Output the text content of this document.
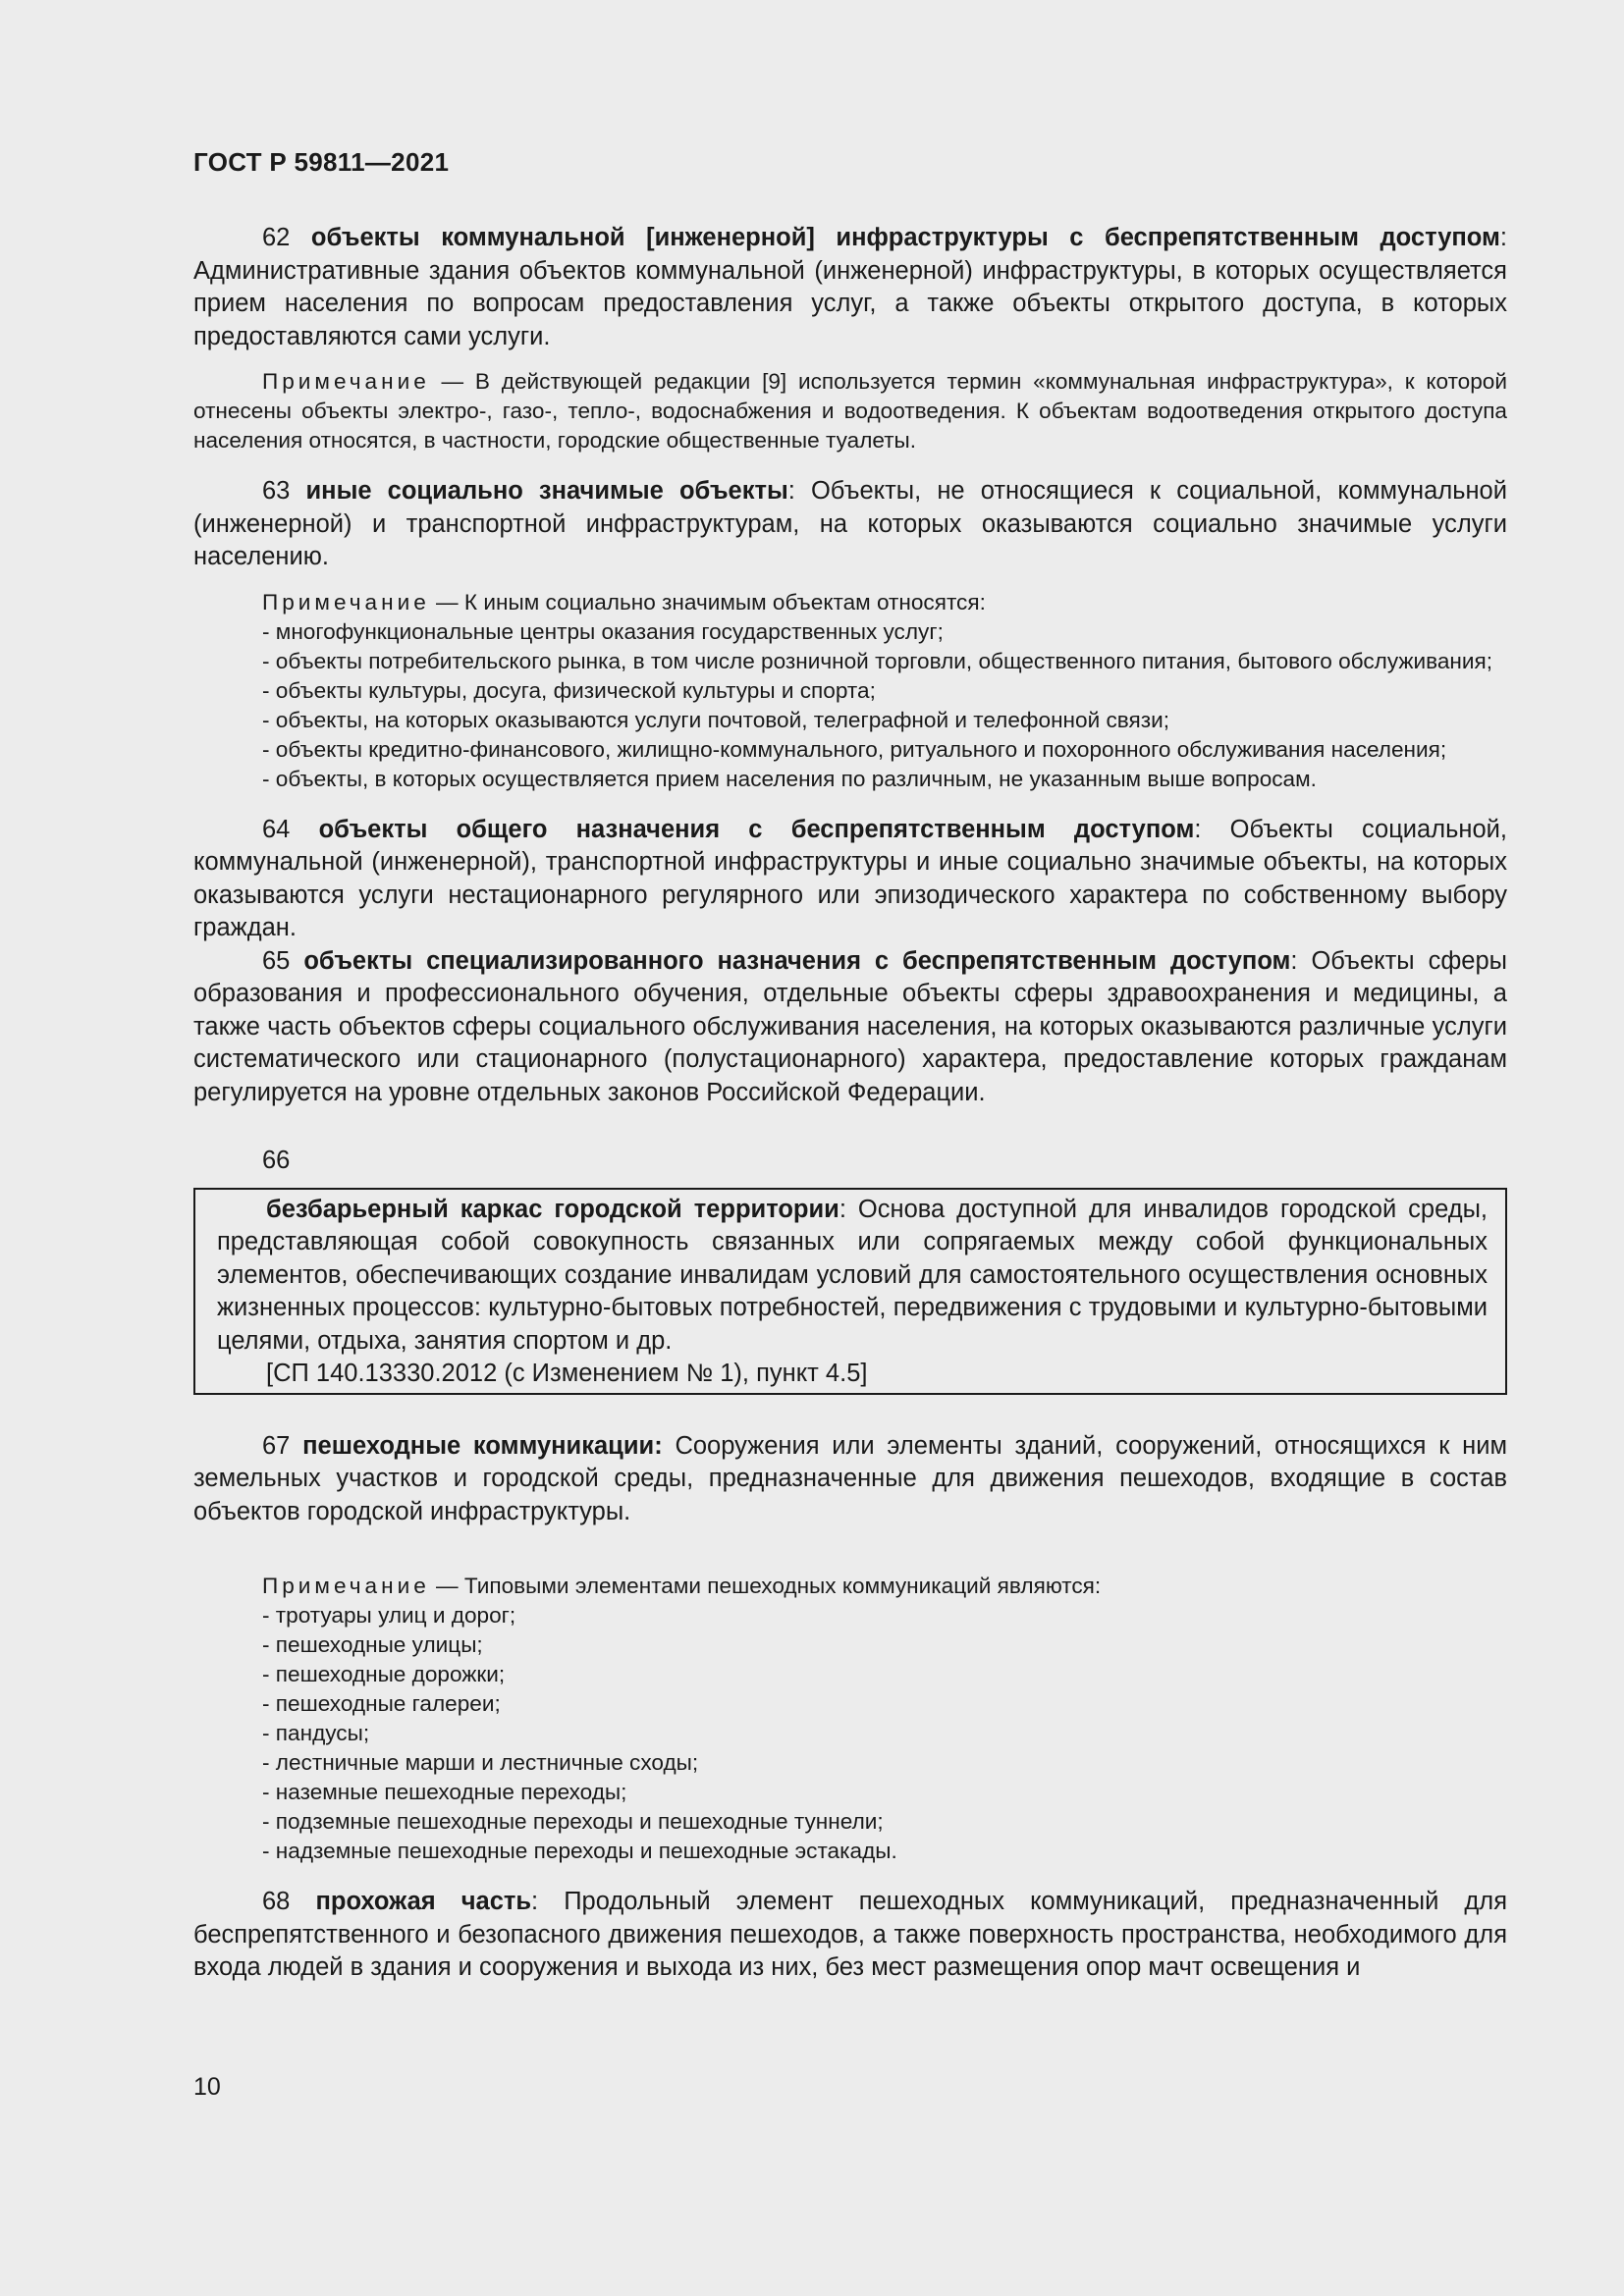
ГОСТ Р 59811—2021

62 объекты коммунальной [инженерной] инфраструктуры с беспрепятственным доступом: Административные здания объектов коммунальной (инженерной) инфраструктуры, в которых осуществляется прием населения по вопросам предоставления услуг, а также объекты открытого доступа, в которых предоставляются сами услуги.

Примечание — В действующей редакции [9] используется термин «коммунальная инфраструктура», к которой отнесены объекты электро-, газо-, тепло-, водоснабжения и водоотведения. К объектам водоотведения открытого доступа населения относятся, в частности, городские общественные туалеты.

63 иные социально значимые объекты: Объекты, не относящиеся к социальной, коммунальной (инженерной) и транспортной инфраструктурам, на которых оказываются социально значимые услуги населению.

Примечание — К иным социально значимым объектам относятся:
- многофункциональные центры оказания государственных услуг;
- объекты потребительского рынка, в том числе розничной торговли, общественного питания, бытового обслуживания;
- объекты культуры, досуга, физической культуры и спорта;
- объекты, на которых оказываются услуги почтовой, телеграфной и телефонной связи;
- объекты кредитно-финансового, жилищно-коммунального, ритуального и похоронного обслуживания населения;
- объекты, в которых осуществляется прием населения по различным, не указанным выше вопросам.

64 объекты общего назначения с беспрепятственным доступом: Объекты социальной, коммунальной (инженерной), транспортной инфраструктуры и иные социально значимые объекты, на которых оказываются услуги нестационарного регулярного или эпизодического характера по собственному выбору граждан.

65 объекты специализированного назначения с беспрепятственным доступом: Объекты сферы образования и профессионального обучения, отдельные объекты сферы здравоохранения и медицины, а также часть объектов сферы социального обслуживания населения, на которых оказываются различные услуги систематического или стационарного (полустационарного) характера, предоставление которых гражданам регулируется на уровне отдельных законов Российской Федерации.

66

безбарьерный каркас городской территории: Основа доступной для инвалидов городской среды, представляющая собой совокупность связанных или сопрягаемых между собой функциональных элементов, обеспечивающих создание инвалидам условий для самостоятельного осуществления основных жизненных процессов: культурно-бытовых потребностей, передвижения с трудовыми и культурно-бытовыми целями, отдыха, занятия спортом и др.

[СП 140.13330.2012 (с Изменением № 1), пункт 4.5]

67 пешеходные коммуникации: Сооружения или элементы зданий, сооружений, относящихся к ним земельных участков и городской среды, предназначенные для движения пешеходов, входящие в состав объектов городской инфраструктуры.

Примечание — Типовыми элементами пешеходных коммуникаций являются:
- тротуары улиц и дорог;
- пешеходные улицы;
- пешеходные дорожки;
- пешеходные галереи;
- пандусы;
- лестничные марши и лестничные сходы;
- наземные пешеходные переходы;
- подземные пешеходные переходы и пешеходные туннели;
- надземные пешеходные переходы и пешеходные эстакады.

68 прохожая часть: Продольный элемент пешеходных коммуникаций, предназначенный для беспрепятственного и безопасного движения пешеходов, а также поверхность пространства, необходимого для входа людей в здания и сооружения и выхода из них, без мест размещения опор мачт освещения и

10
